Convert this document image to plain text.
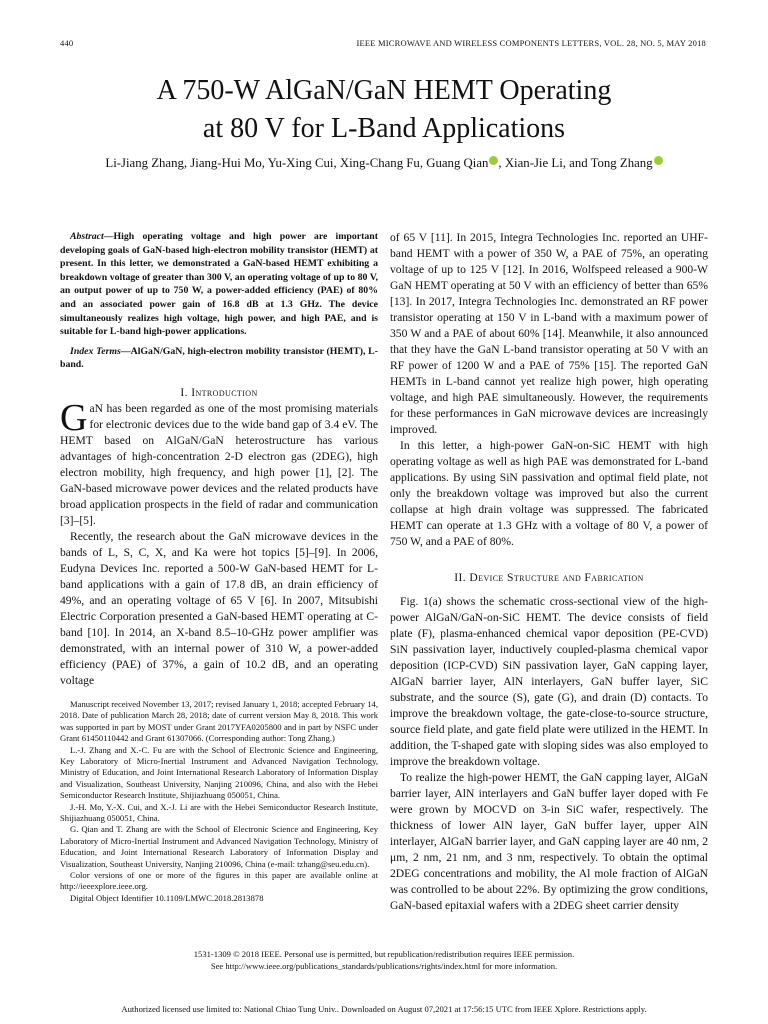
440	IEEE MICROWAVE AND WIRELESS COMPONENTS LETTERS, VOL. 28, NO. 5, MAY 2018
A 750-W AlGaN/GaN HEMT Operating
at 80 V for L-Band Applications
Li-Jiang Zhang, Jiang-Hui Mo, Yu-Xing Cui, Xing-Chang Fu, Guang Qian , Xian-Jie Li, and Tong Zhang

Abstract—High operating voltage and high power are important developing goals of GaN-based high-electron mobility transistor (HEMT) at present. In this letter, we demonstrated a GaN-based HEMT exhibiting a breakdown voltage of greater than 300 V, an operating voltage of up to 80 V, an output power of up to 750 W, a power-added efficiency (PAE) of 80% and an associated power gain of 16.8 dB at 1.3 GHz. The device simultaneously realizes high voltage, high power, and high PAE, and is suitable for L-band high-power applications.

Index Terms—AlGaN/GaN, high-electron mobility transistor (HEMT), L-band.

I. Introduction

GaN has been regarded as one of the most promising materials for electronic devices due to the wide band gap of 3.4 eV. The HEMT based on AlGaN/GaN heterostructure has various advantages of high-concentration 2-D electron gas (2DEG), high electron mobility, high frequency, and high power [1], [2]. The GaN-based microwave power devices and the related products have broad application prospects in the field of radar and communication [3]–[5].

Recently, the research about the GaN microwave devices in the bands of L, S, C, X, and Ka were hot topics [5]–[9]. In 2006, Eudyna Devices Inc. reported a 500-W GaN-based HEMT for L-band applications with a gain of 17.8 dB, an drain efficiency of 49%, and an operating voltage of 65 V [6]. In 2007, Mitsubishi Electric Corporation presented a GaN-based HEMT operating at C-band [10]. In 2014, an X-band 8.5–10-GHz power amplifier was demonstrated, with an internal power of 310 W, a power-added efficiency (PAE) of 37%, a gain of 10.2 dB, and an operating voltage

Manuscript received November 13, 2017; revised January 1, 2018; accepted February 14, 2018. Date of publication March 28, 2018; date of current version May 8, 2018. This work was supported in part by MOST under Grant 2017YFA0205800 and in part by NSFC under Grant 61450110442 and Grant 61307066. (Corresponding author: Tong Zhang.)

L.-J. Zhang and X.-C. Fu are with the School of Electronic Science and Engineering, Key Laboratory of Micro-Inertial Instrument and Advanced Navigation Technology, Ministry of Education, and Joint International Research Laboratory of Information Display and Visualization, Southeast University, Nanjing 210096, China, and also with the Hebei Semiconductor Research Institute, Shijiazhuang 050051, China.

J.-H. Mo, Y.-X. Cui, and X.-J. Li are with the Hebei Semiconductor Research Institute, Shijiazhuang 050051, China.

G. Qian and T. Zhang are with the School of Electronic Science and Engineering, Key Laboratory of Micro-Inertial Instrument and Advanced Navigation Technology, Ministry of Education, and Joint International Research Laboratory of Information Display and Visualization, Southeast University, Nanjing 210096, China (e-mail: tzhang@seu.edu.cn).

Color versions of one or more of the figures in this paper are available online at http://ieeexplore.ieee.org.

Digital Object Identifier 10.1109/LMWC.2018.2813878

of 65 V [11]. In 2015, Integra Technologies Inc. reported an UHF-band HEMT with a power of 350 W, a PAE of 75%, an operating voltage of up to 125 V [12]. In 2016, Wolfspeed released a 900-W GaN HEMT operating at 50 V with an efficiency of better than 65% [13]. In 2017, Integra Technologies Inc. demonstrated an RF power transistor operating at 150 V in L-band with a maximum power of 350 W and a PAE of about 60% [14]. Meanwhile, it also announced that they have the GaN L-band transistor operating at 50 V with an RF power of 1200 W and a PAE of 75% [15]. The reported GaN HEMTs in L-band cannot yet realize high power, high operating voltage, and high PAE simultaneously. However, the requirements for these performances in GaN microwave devices are increasingly improved.

In this letter, a high-power GaN-on-SiC HEMT with high operating voltage as well as high PAE was demonstrated for L-band applications. By using SiN passivation and optimal field plate, not only the breakdown voltage was improved but also the current collapse at high drain voltage was suppressed. The fabricated HEMT can operate at 1.3 GHz with a voltage of 80 V, a power of 750 W, and a PAE of 80%.

II. Device Structure and Fabrication

Fig. 1(a) shows the schematic cross-sectional view of the high-power AlGaN/GaN-on-SiC HEMT. The device consists of field plate (F), plasma-enhanced chemical vapor deposition (PE-CVD) SiN passivation layer, inductively coupled-plasma chemical vapor deposition (ICP-CVD) SiN passivation layer, GaN capping layer, AlGaN barrier layer, AlN interlayers, GaN buffer layer, SiC substrate, and the source (S), gate (G), and drain (D) contacts. To improve the breakdown voltage, the gate-close-to-source structure, source field plate, and gate field plate were utilized in the HEMT. In addition, the T-shaped gate with sloping sides was also employed to improve the breakdown voltage.

To realize the high-power HEMT, the GaN capping layer, AlGaN barrier layer, AlN interlayers and GaN buffer layer doped with Fe were grown by MOCVD on 3-in SiC wafer, respectively. The thickness of lower AlN layer, GaN buffer layer, upper AlN interlayer, AlGaN barrier layer, and GaN capping layer are 40 nm, 2 μm, 2 nm, 21 nm, and 3 nm, respectively. To obtain the optimal 2DEG concentrations and mobility, the Al mole fraction of AlGaN was controlled to be about 22%. By optimizing the grow conditions, GaN-based epitaxial wafers with a 2DEG sheet carrier density

1531-1309 © 2018 IEEE. Personal use is permitted, but republication/redistribution requires IEEE permission.
See http://www.ieee.org/publications_standards/publications/rights/index.html for more information.
Authorized licensed use limited to: National Chiao Tung Univ.. Downloaded on August 07,2021 at 17:56:15 UTC from IEEE Xplore. Restrictions apply.
